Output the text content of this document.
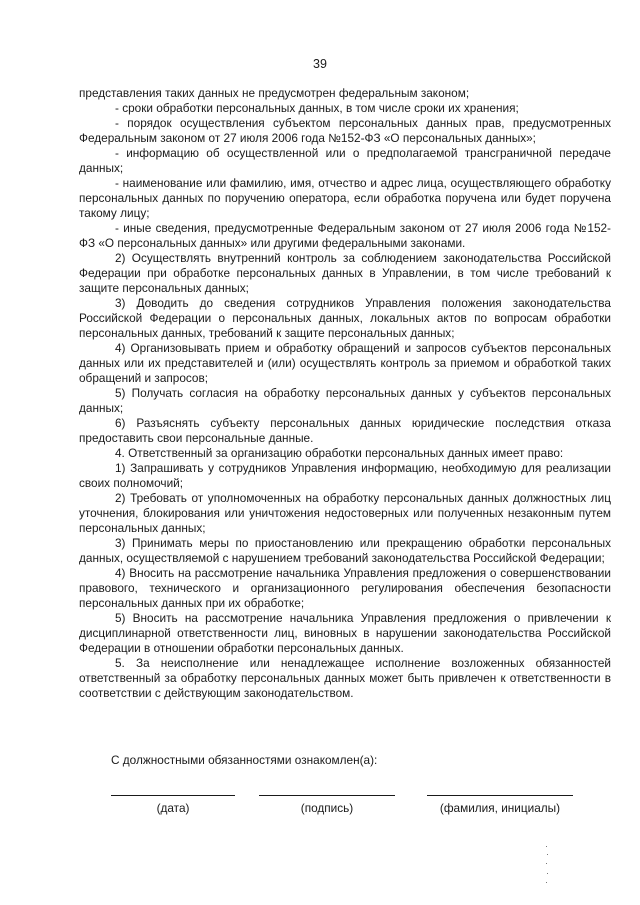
39

представления таких данных не предусмотрен федеральным законом;

- сроки обработки персональных данных, в том числе сроки их хранения;

- порядок осуществления субъектом персональных данных прав, предусмотренных Федеральным законом от 27 июля 2006 года №152-ФЗ «О персональных данных»;

- информацию об осуществленной или о предполагаемой трансграничной передаче данных;

- наименование или фамилию, имя, отчество и адрес лица, осуществляющего обработку персональных данных по поручению оператора, если обработка поручена или будет поручена такому лицу;

- иные сведения, предусмотренные Федеральным законом от 27 июля 2006 года №152-ФЗ «О персональных данных» или другими федеральными законами.

2) Осуществлять внутренний контроль за соблюдением законодательства Российской Федерации при обработке персональных данных в Управлении, в том числе требований к защите персональных данных;

3) Доводить до сведения сотрудников Управления положения законодательства Российской Федерации о персональных данных, локальных актов по вопросам обработки персональных данных, требований к защите персональных данных;

4) Организовывать прием и обработку обращений и запросов субъектов персональных данных или их представителей и (или) осуществлять контроль за приемом и обработкой таких обращений и запросов;

5) Получать согласия на обработку персональных данных у субъектов персональных данных;

6) Разъяснять субъекту персональных данных юридические последствия отказа предоставить свои персональные данные.

4. Ответственный за организацию обработки персональных данных имеет право:

1) Запрашивать у сотрудников Управления информацию, необходимую для реализации своих полномочий;

2) Требовать от уполномоченных на обработку персональных данных должностных лиц уточнения, блокирования или уничтожения недостоверных или полученных незаконным путем персональных данных;

3) Принимать меры по приостановлению или прекращению обработки персональных данных, осуществляемой с нарушением требований законодательства Российской Федерации;

4) Вносить на рассмотрение начальника Управления предложения о совершенствовании правового, технического и организационного регулирования обеспечения безопасности персональных данных при их обработке;

5) Вносить на рассмотрение начальника Управления предложения о привлечении к дисциплинарной ответственности лиц, виновных в нарушении законодательства Российской Федерации в отношении обработки персональных данных.

5. За неисполнение или ненадлежащее исполнение возложенных обязанностей ответственный за обработку персональных данных может быть привлечен к ответственности в соответствии с действующим законодательством.

С должностными обязанностями ознакомлен(а):
(дата)	(подпись)	(фамилия, инициалы)
